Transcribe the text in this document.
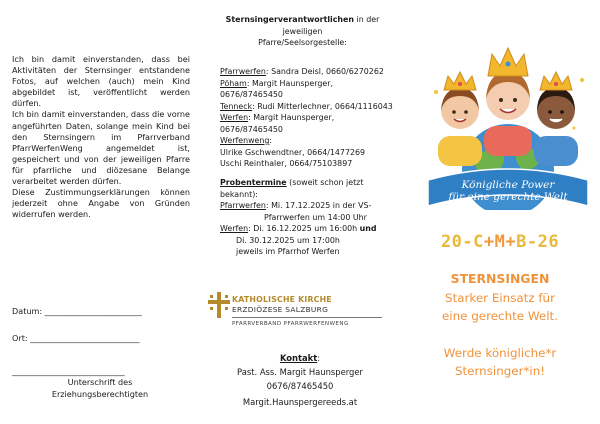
Ich bin damit einverstanden, dass bei Aktivitäten der Sternsinger entstandene Fotos, auf welchen (auch) mein Kind abgebildet ist, veröffentlicht werden dürfen.

Ich bin damit einverstanden, dass die vorne angeführten Daten, solange mein Kind bei den Sternsingern im Pfarrverband PfarrWerfenWeng angemeldet ist, gespeichert und von der jeweiligen Pfarre für pfarrliche und diözesane Belange verarbeitet werden dürfen.

Diese Zustimmungserklärungen können jederzeit ohne Angabe von Gründen widerrufen werden.

Datum: ________________________
Ort: ___________________________
______________________________
Unterschrift des
Erziehungsberechtigten
Sternsingerverantwortlichen in der
jeweiligen
Pfarre/Seelsorgestelle:
Pfarrwerfen: Sandra Deisl, 0660/6270262
Pöham: Margit Haunsperger, 0676/87465450
Tenneck: Rudi Mitterlechner, 0664/1116043
Werfen: Margit Haunsperger, 0676/87465450
Werfenweng:
Ulrike Gschwendtner, 0664/1477269
Uschi Reinthaler, 0664/75103897
Probentermine (soweit schon jetzt bekannt):
Pfarrwerfen: Mi. 17.12.2025 in der VS-
Pfarrwerfen um 14:00 Uhr
Werfen: Di. 16.12.2025 um 16:00h und
Di. 30.12.2025 um 17:00h
jeweils im Pfarrhof Werfen
KATHOLISCHE KIRCHE
ERZDIÖZESE SALZBURG
PFARRVERBAND PFARRWERFENWENG
Kontakt:
Past. Ass. Margit Haunsperger
0676/87465450
Margit.Haunspergereeds.at
Königliche Power
für eine gerechte Welt
20-C+M+B-26
STERNSINGEN
Starker Einsatz für
eine gerechte Welt.
Werde königliche*r
Sternsinger*in!
